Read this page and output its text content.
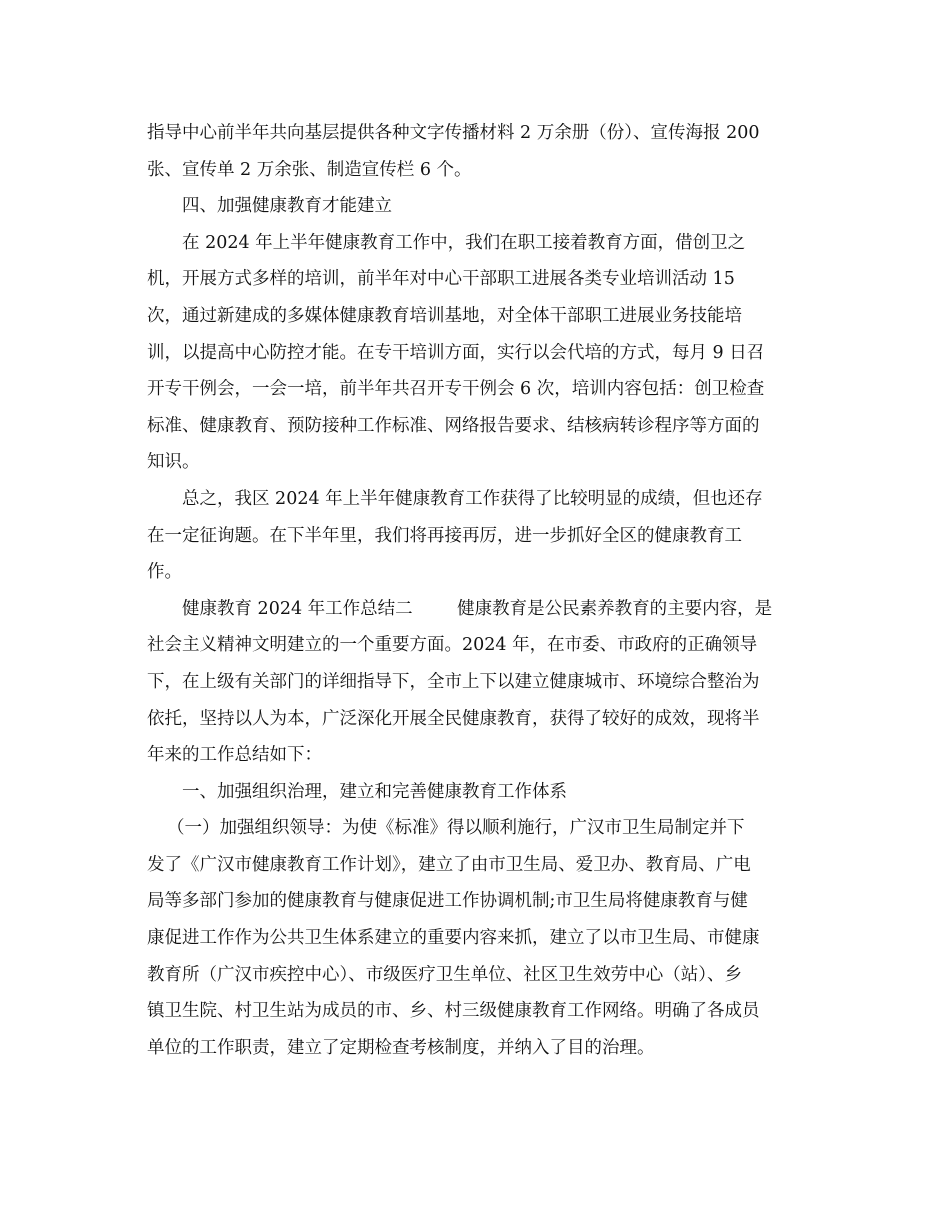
指导中心前半年共向基层提供各种文字传播材料 2 万余册（份）、宣传海报 200
张、宣传单 2 万余张、制造宣传栏 6 个。
四、加强健康教育才能建立
在 2024 年上半年健康教育工作中，我们在职工接着教育方面，借创卫之
机，开展方式多样的培训，前半年对中心干部职工进展各类专业培训活动 15
次，通过新建成的多媒体健康教育培训基地，对全体干部职工进展业务技能培
训，以提高中心防控才能。在专干培训方面，实行以会代培的方式，每月 9 日召
开专干例会，一会一培，前半年共召开专干例会 6 次，培训内容包括：创卫检查
标准、健康教育、预防接种工作标准、网络报告要求、结核病转诊程序等方面的
知识。
总之，我区 2024 年上半年健康教育工作获得了比较明显的成绩，但也还存
在一定征询题。在下半年里，我们将再接再厉，进一步抓好全区的健康教育工
作。
健康教育 2024 年工作总结二        健康教育是公民素养教育的主要内容，是
社会主义精神文明建立的一个重要方面。2024 年，在市委、市政府的正确领导
下，在上级有关部门的详细指导下，全市上下以建立健康城市、环境综合整治为
依托，坚持以人为本，广泛深化开展全民健康教育，获得了较好的成效，现将半
年来的工作总结如下：
一、加强组织治理，建立和完善健康教育工作体系
（一）加强组织领导：为使《标准》得以顺利施行，广汉市卫生局制定并下
发了《广汉市健康教育工作计划》，建立了由市卫生局、爱卫办、教育局、广电
局等多部门参加的健康教育与健康促进工作协调机制;市卫生局将健康教育与健
康促进工作作为公共卫生体系建立的重要内容来抓，建立了以市卫生局、市健康
教育所（广汉市疾控中心）、市级医疗卫生单位、社区卫生效劳中心（站）、乡
镇卫生院、村卫生站为成员的市、乡、村三级健康教育工作网络。明确了各成员
单位的工作职责，建立了定期检查考核制度，并纳入了目的治理。
